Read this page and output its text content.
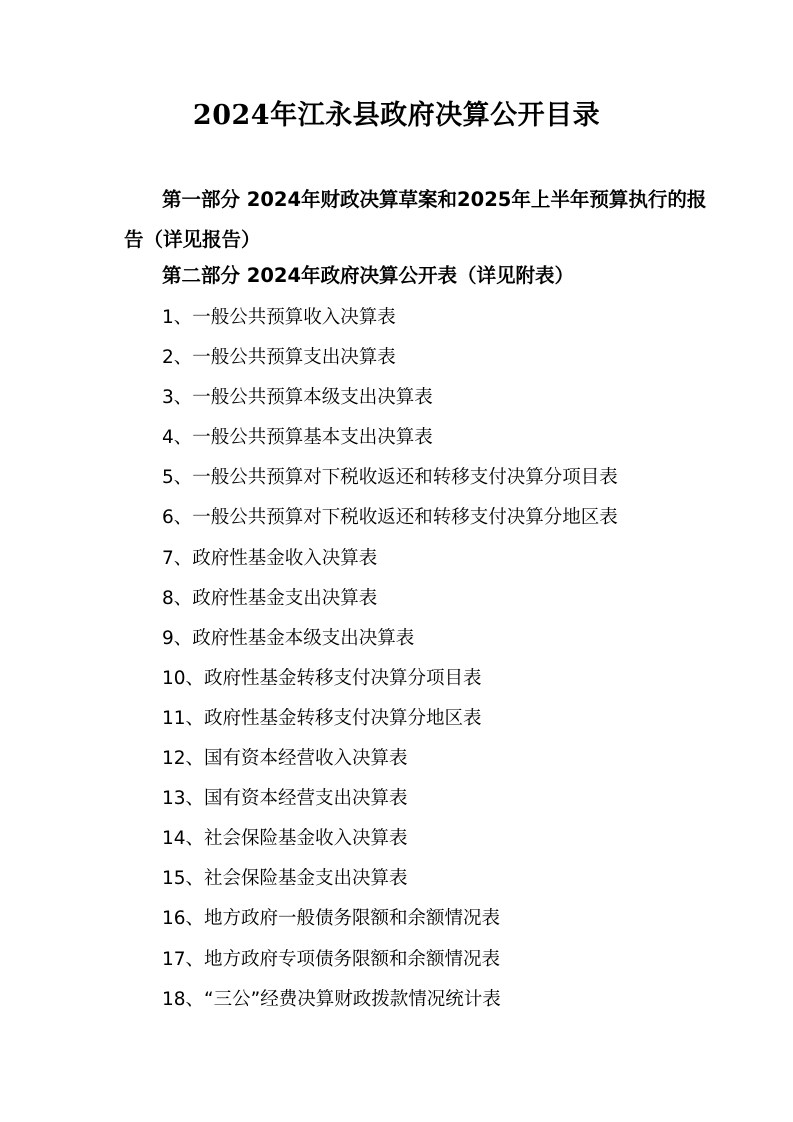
2024年江永县政府决算公开目录
第一部分 2024年财政决算草案和2025年上半年预算执行的报告（详见报告）
第二部分 2024年政府决算公开表（详见附表）
1、一般公共预算收入决算表
2、一般公共预算支出决算表
3、一般公共预算本级支出决算表
4、一般公共预算基本支出决算表
5、一般公共预算对下税收返还和转移支付决算分项目表
6、一般公共预算对下税收返还和转移支付决算分地区表
7、政府性基金收入决算表
8、政府性基金支出决算表
9、政府性基金本级支出决算表
10、政府性基金转移支付决算分项目表
11、政府性基金转移支付决算分地区表
12、国有资本经营收入决算表
13、国有资本经营支出决算表
14、社会保险基金收入决算表
15、社会保险基金支出决算表
16、地方政府一般债务限额和余额情况表
17、地方政府专项债务限额和余额情况表
18、“三公”经费决算财政拨款情况统计表
